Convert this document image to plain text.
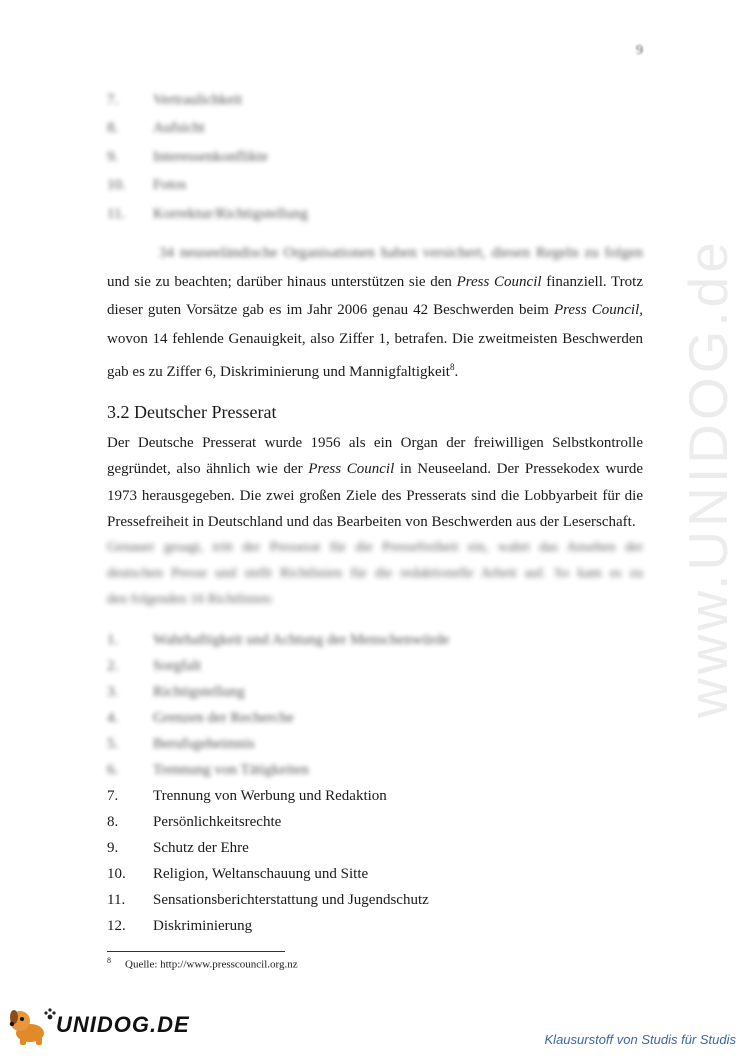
www.UNIDOG.de
9
7. Vertraulichkeit
8. Aufsicht
9. Interessenkonflikte
10. Fotos
11. Korrektur/Richtigstellung

34 neuseeländische Organisationen haben versichert, diesen Regeln zu folgen
und sie zu beachten; darüber hinaus unterstützen sie den Press Council finanziell. Trotz
dieser guten Vorsätze gab es im Jahr 2006 genau 42 Beschwerden beim Press Council,
wovon 14 fehlende Genauigkeit, also Ziffer 1, betrafen. Die zweitmeisten Beschwerden
gab es zu Ziffer 6, Diskriminierung und Mannigfaltigkeit$^8$.

3.2 Deutscher Presserat

Der Deutsche Presserat wurde 1956 als ein Organ der freiwilligen Selbstkontrolle
gegründet, also ähnlich wie der Press Council in Neuseeland. Der Pressekodex wurde
1973 herausgegeben. Die zwei großen Ziele des Presserats sind die Lobbyarbeit für die
Pressefreiheit in Deutschland und das Bearbeiten von Beschwerden aus der Leserschaft.

Genauer gesagt, tritt der Presserat für die Pressefreiheit ein, wahrt das Ansehen der
deutschen Presse und stellt Richtlinien für die redaktionelle Arbeit auf. So kam es zu
den folgenden 16 Richtlinien:

1. Wahrhaftigkeit und Achtung der Menschenwürde
2. Sorgfalt
3. Richtigstellung
4. Grenzen der Recherche
5. Berufsgeheimnis
6. Trennung von Tätigkeiten
7. Trennung von Werbung und Redaktion
8. Persönlichkeitsrechte
9. Schutz der Ehre
10. Religion, Weltanschauung und Sitte
11. Sensationsberichterstattung und Jugendschutz
12. Diskriminierung

$^8$ Quelle: http://www.presscouncil.org.nz

UNIDOG.DE
Klausurstoff von Studis für Studis
